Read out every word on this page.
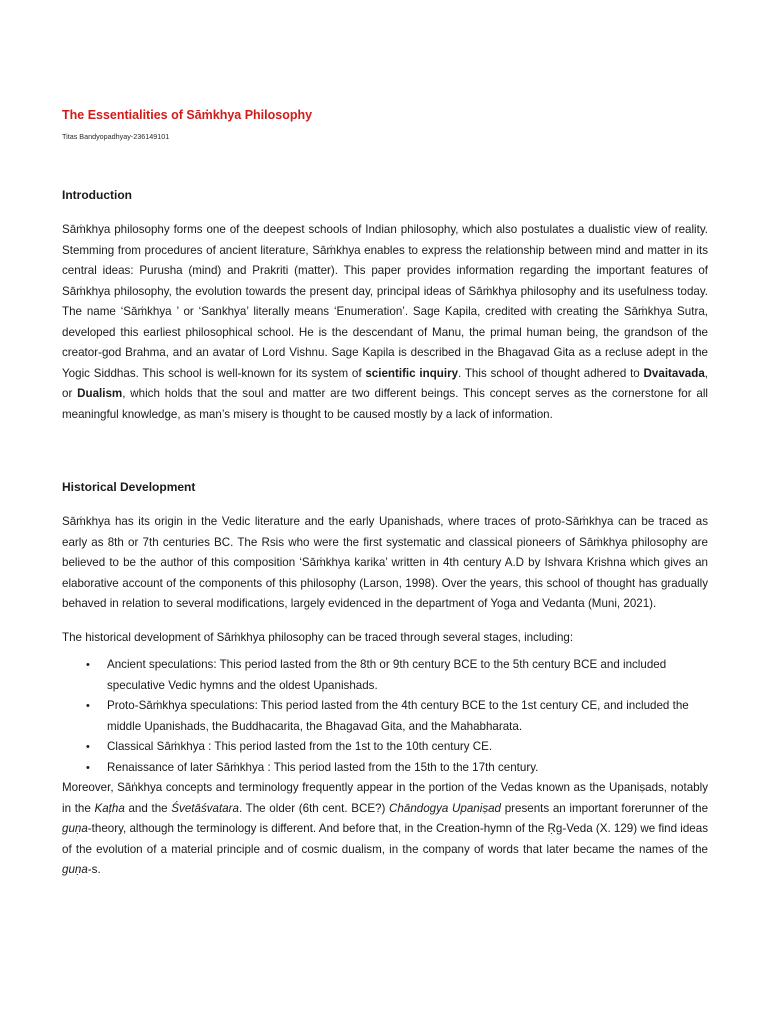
The Essentialities of Sāṁkhya Philosophy

Titas Bandyopadhyay-236149101

Introduction

Sāṁkhya philosophy forms one of the deepest schools of Indian philosophy, which also postulates a dualistic view of reality. Stemming from procedures of ancient literature, Sāṁkhya enables to express the relationship between mind and matter in its central ideas: Purusha (mind) and Prakriti (matter). This paper provides information regarding the important features of Sāṁkhya philosophy, the evolution towards the present day, principal ideas of Sāṁkhya philosophy and its usefulness today. The name ‘Sāṁkhya ’ or ‘Sankhya’ literally means ‘Enumeration’. Sage Kapila, credited with creating the Sāṁkhya Sutra, developed this earliest philosophical school. He is the descendant of Manu, the primal human being, the grandson of the creator-god Brahma, and an avatar of Lord Vishnu. Sage Kapila is described in the Bhagavad Gita as a recluse adept in the Yogic Siddhas. This school is well-known for its system of scientific inquiry. This school of thought adhered to Dvaitavada, or Dualism, which holds that the soul and matter are two different beings. This concept serves as the cornerstone for all meaningful knowledge, as man’s misery is thought to be caused mostly by a lack of information.

Historical Development

Sāṁkhya has its origin in the Vedic literature and the early Upanishads, where traces of proto-Sāṁkhya can be traced as early as 8th or 7th centuries BC. The Rsis who were the first systematic and classical pioneers of Sāṁkhya philosophy are believed to be the author of this composition ‘Sāṁkhya karika’ written in 4th century A.D by Ishvara Krishna which gives an elaborative account of the components of this philosophy (Larson, 1998). Over the years, this school of thought has gradually behaved in relation to several modifications, largely evidenced in the department of Yoga and Vedanta (Muni, 2021).

The historical development of Sāṁkhya philosophy can be traced through several stages, including:

• Ancient speculations: This period lasted from the 8th or 9th century BCE to the 5th century BCE and included speculative Vedic hymns and the oldest Upanishads.
• Proto-Sāṁkhya speculations: This period lasted from the 4th century BCE to the 1st century CE, and included the middle Upanishads, the Buddhacarita, the Bhagavad Gita, and the Mahabharata.
• Classical Sāṁkhya : This period lasted from the 1st to the 10th century CE.
• Renaissance of later Sāṁkhya : This period lasted from the 15th to the 17th century.

Moreover, Sāṅkhya concepts and terminology frequently appear in the portion of the Vedas known as the Upaniṣads, notably in the Kaṭha and the Śvetāśvatara. The older (6th cent. BCE?) Chāndogya Upaniṣad presents an important forerunner of the guṇa-theory, although the terminology is different. And before that, in the Creation-hymn of the Ṛg-Veda (X. 129) we find ideas of the evolution of a material principle and of cosmic dualism, in the company of words that later became the names of the guṇa-s.
